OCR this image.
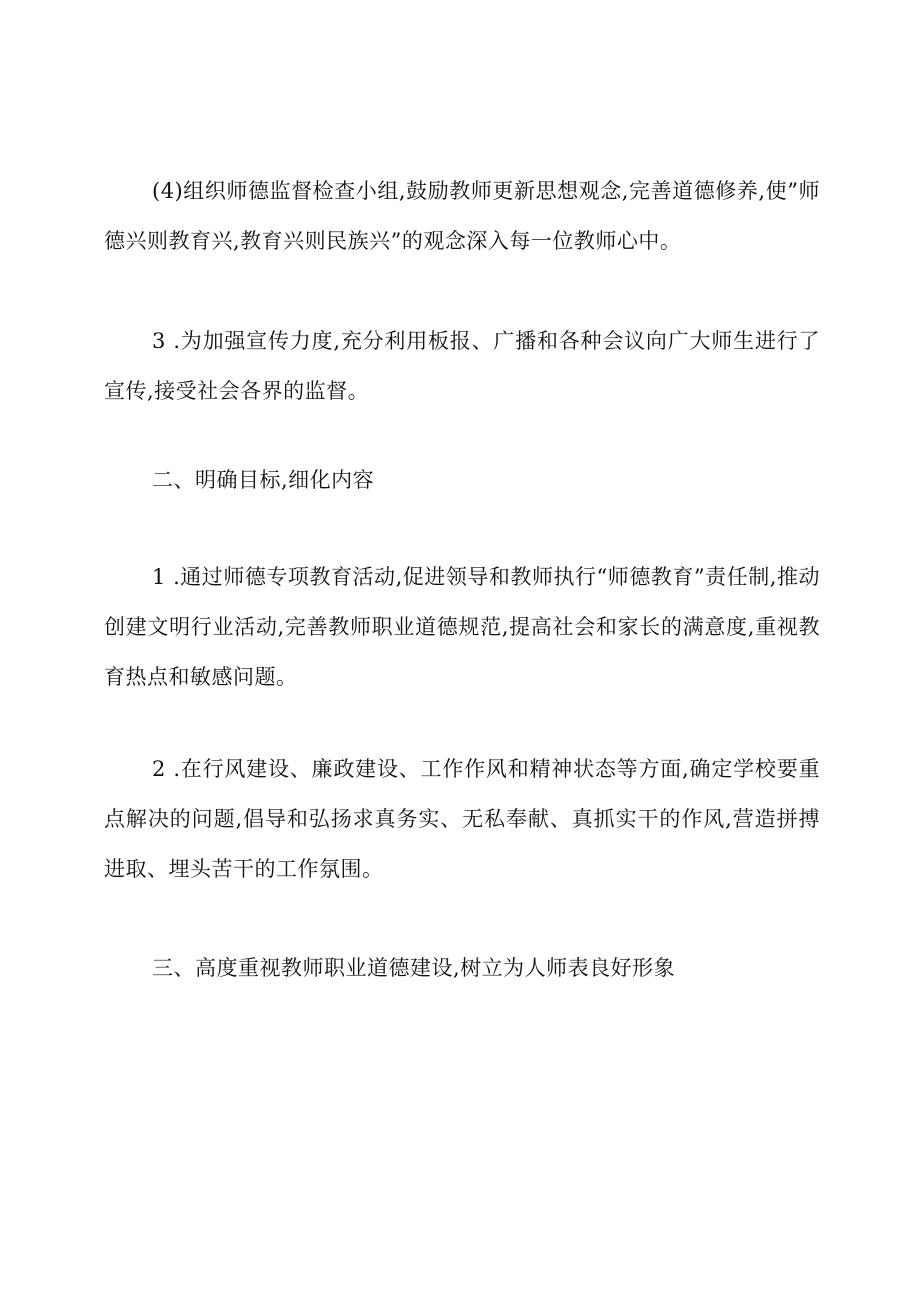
(4)组织师德监督检查小组,鼓励教师更新思想观念,完善道德修养,使”师德兴则教育兴,教育兴则民族兴”的观念深入每一位教师心中。

3 .为加强宣传力度,充分利用板报、广播和各种会议向广大师生进行了宣传,接受社会各界的监督。

二、明确目标,细化内容

1 .通过师德专项教育活动,促进领导和教师执行“师德教育”责任制,推动创建文明行业活动,完善教师职业道德规范,提高社会和家长的满意度,重视教育热点和敏感问题。

2 .在行风建设、廉政建设、工作作风和精神状态等方面,确定学校要重点解决的问题,倡导和弘扬求真务实、无私奉献、真抓实干的作风,营造拼搏进取、埋头苦干的工作氛围。

三、高度重视教师职业道德建设,树立为人师表良好形象
